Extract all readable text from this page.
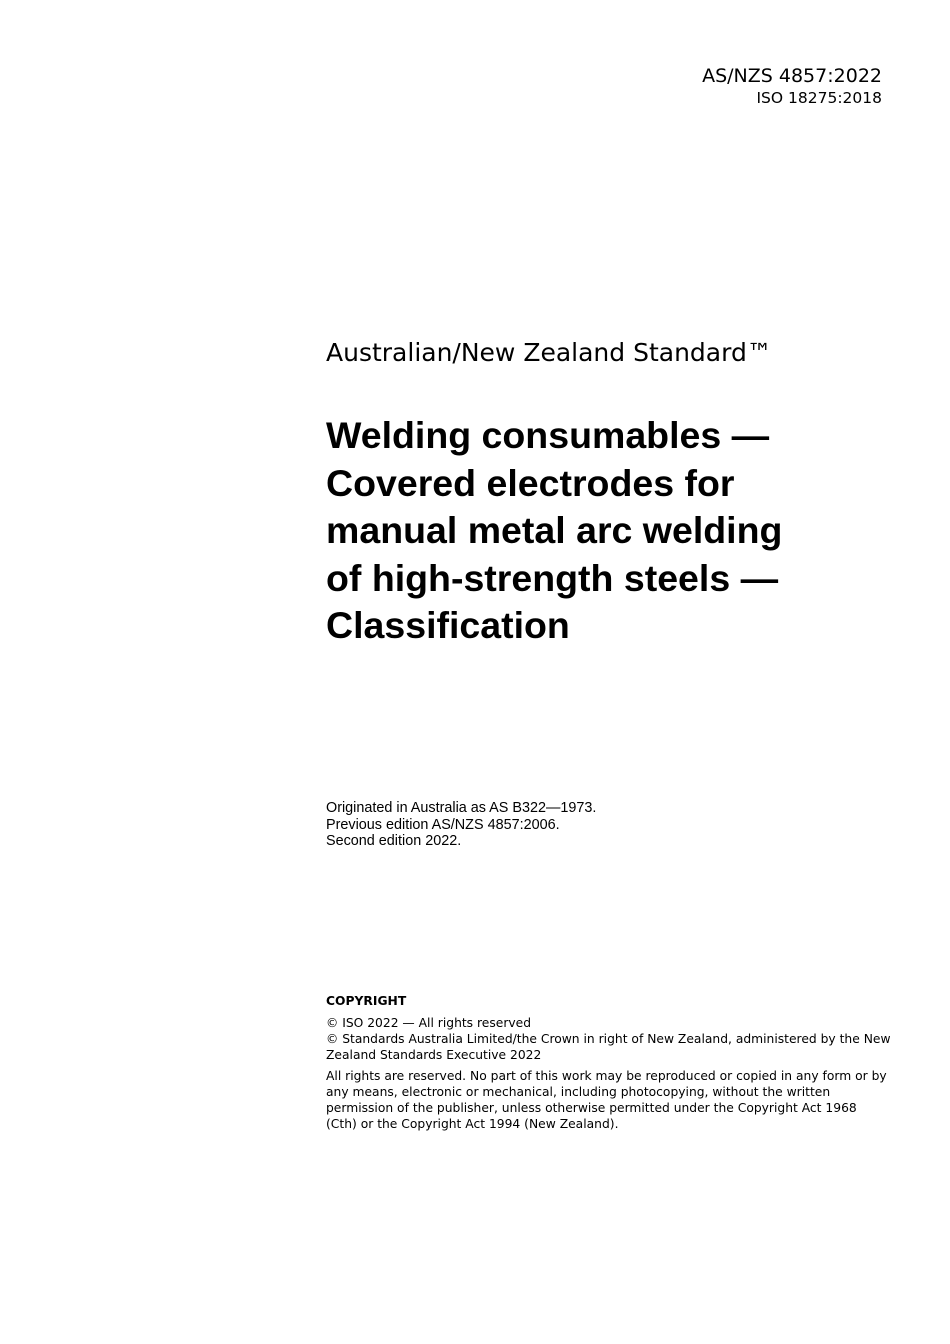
AS/NZS 4857:2022
ISO 18275:2018
Australian/New Zealand Standard™
Welding consumables —
Covered electrodes for
manual metal arc welding
of high-strength steels —
Classification
Originated in Australia as AS B322—1973.
Previous edition AS/NZS 4857:2006.
Second edition 2022.
COPYRIGHT
© ISO 2022 — All rights reserved
© Standards Australia Limited/the Crown in right of New Zealand, administered by the New Zealand Standards Executive 2022
All rights are reserved. No part of this work may be reproduced or copied in any form or by any means, electronic or mechanical, including photocopying, without the written permission of the publisher, unless otherwise permitted under the Copyright Act 1968 (Cth) or the Copyright Act 1994 (New Zealand).
